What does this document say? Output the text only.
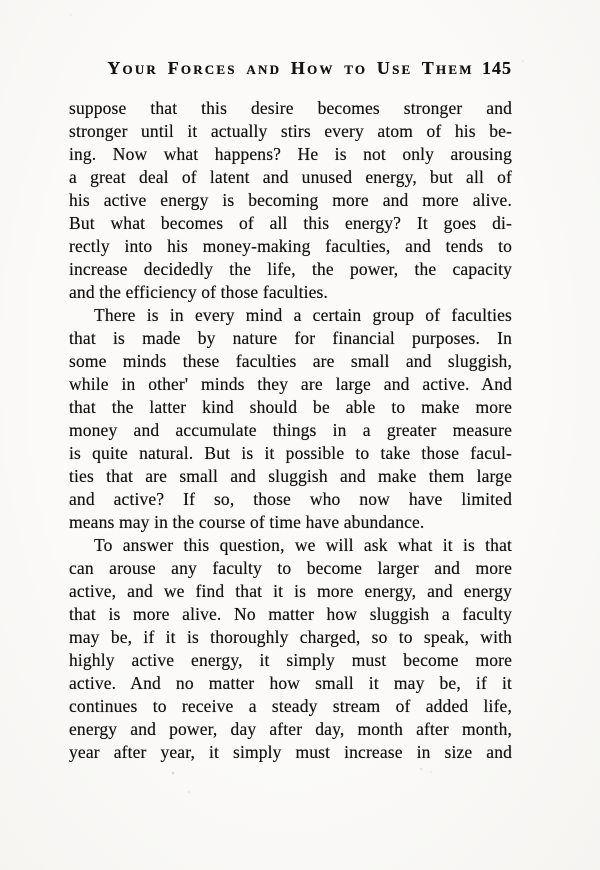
Your Forces and How to Use Them 145
suppose that this desire becomes stronger and
stronger until it actually stirs every atom of his be-
ing. Now what happens? He is not only arousing
a great deal of latent and unused energy, but all of
his active energy is becoming more and more alive.
But what becomes of all this energy? It goes di-
rectly into his money-making faculties, and tends to
increase decidedly the life, the power, the capacity
and the efficiency of those faculties.
There is in every mind a certain group of faculties
that is made by nature for financial purposes. In
some minds these faculties are small and sluggish,
while in other' minds they are large and active. And
that the latter kind should be able to make more
money and accumulate things in a greater measure
is quite natural. But is it possible to take those facul-
ties that are small and sluggish and make them large
and active? If so, those who now have limited
means may in the course of time have abundance.
To answer this question, we will ask what it is that
can arouse any faculty to become larger and more
active, and we find that it is more energy, and energy
that is more alive. No matter how sluggish a faculty
may be, if it is thoroughly charged, so to speak, with
highly active energy, it simply must become more
active. And no matter how small it may be, if it
continues to receive a steady stream of added life,
energy and power, day after day, month after month,
year after year, it simply must increase in size and
